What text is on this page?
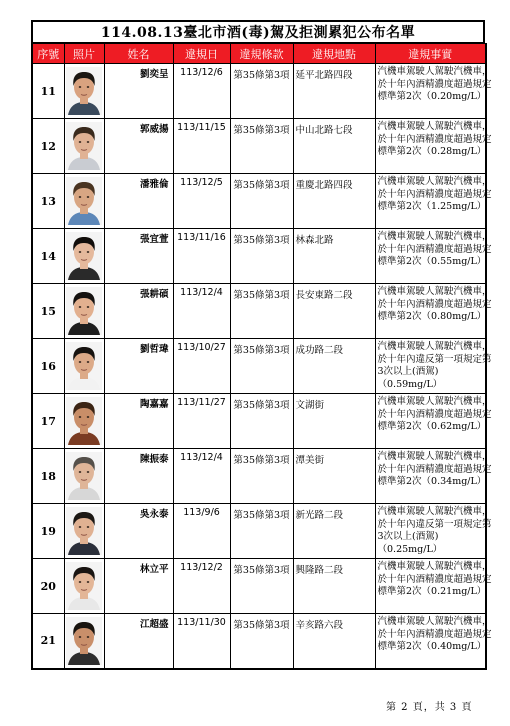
114.08.13臺北市酒(毒)駕及拒測累犯公布名單
序號	照片	姓名	違規日	違規條款	違規地點	違規事實
11		劉奕呈	113/12/6	第35條第3項	延平北路四段	汽機車駕駛人駕駛汽機車，
於十年內酒精濃度超過規定
標準第2次（0.20mg/L）

12		郭威揚	113/11/15	第35條第3項	中山北路七段	汽機車駕駛人駕駛汽機車，
於十年內酒精濃度超過規定
標準第2次（0.28mg/L）

13		潘雅倫	113/12/5	第35條第3項	重慶北路四段	汽機車駕駛人駕駛汽機車，
於十年內酒精濃度超過規定
標準第2次（1.25mg/L）

14		張宜萱	113/11/16	第35條第3項	林森北路	汽機車駕駛人駕駛汽機車，
於十年內酒精濃度超過規定
標準第2次（0.55mg/L）

15		張耕碩	113/12/4	第35條第3項	長安東路二段	汽機車駕駛人駕駛汽機車，
於十年內酒精濃度超過規定
標準第2次（0.80mg/L）

16		劉哲瑋	113/10/27	第35條第3項	成功路二段	汽機車駕駛人駕駛汽機車，
於十年內違反第一項規定第
3次以上(酒駕)
（0.59mg/L）

17		陶嘉嘉	113/11/27	第35條第3項	文湖街	汽機車駕駛人駕駛汽機車，
於十年內酒精濃度超過規定
標準第2次（0.62mg/L）

18		陳振泰	113/12/4	第35條第3項	潭美街	汽機車駕駛人駕駛汽機車，
於十年內酒精濃度超過規定
標準第2次（0.34mg/L）

19		吳永泰	113/9/6	第35條第3項	新光路二段	汽機車駕駛人駕駛汽機車，
於十年內違反第一項規定第
3次以上(酒駕)
（0.25mg/L）

20		林立平	113/12/2	第35條第3項	興隆路二段	汽機車駕駛人駕駛汽機車，
於十年內酒精濃度超過規定
標準第2次（0.21mg/L）

21		江超盛	113/11/30	第35條第3項	辛亥路六段	汽機車駕駛人駕駛汽機車，
於十年內酒精濃度超過規定
標準第2次（0.40mg/L）
第 2 頁，共 3 頁
